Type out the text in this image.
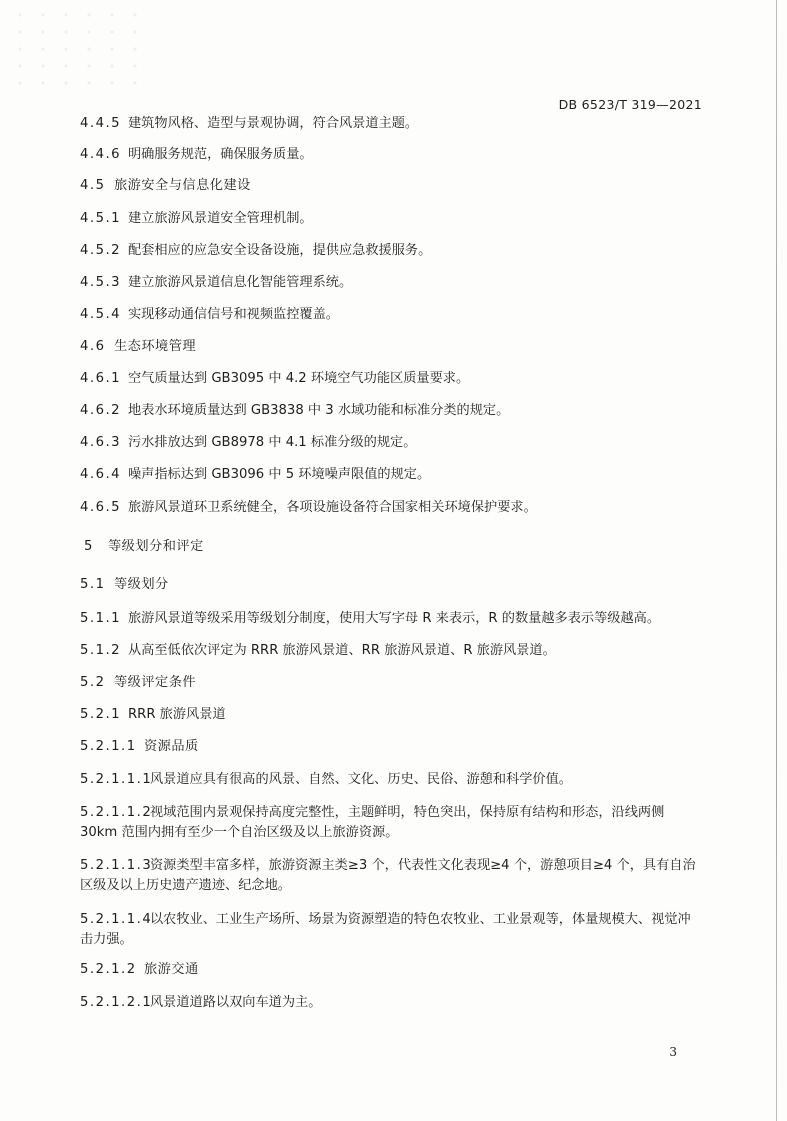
DB 6523/T 319—2021
4.4.5 建筑物风格、造型与景观协调，符合风景道主题。
4.4.6 明确服务规范，确保服务质量。
4.5 旅游安全与信息化建设
4.5.1 建立旅游风景道安全管理机制。
4.5.2 配套相应的应急安全设备设施，提供应急救援服务。
4.5.3 建立旅游风景道信息化智能管理系统。
4.5.4 实现移动通信信号和视频监控覆盖。
4.6 生态环境管理
4.6.1 空气质量达到 GB3095 中 4.2 环境空气功能区质量要求。
4.6.2 地表水环境质量达到 GB3838 中 3 水域功能和标准分类的规定。
4.6.3 污水排放达到 GB8978 中 4.1 标准分级的规定。
4.6.4 噪声指标达到 GB3096 中 5 环境噪声限值的规定。
4.6.5 旅游风景道环卫系统健全，各项设施设备符合国家相关环境保护要求。
5 等级划分和评定
5.1 等级划分
5.1.1 旅游风景道等级采用等级划分制度，使用大写字母 R 来表示，R 的数量越多表示等级越高。
5.1.2 从高至低依次评定为 RRR 旅游风景道、RR 旅游风景道、R 旅游风景道。
5.2 等级评定条件
5.2.1 RRR 旅游风景道
5.2.1.1 资源品质
5.2.1.1.1风景道应具有很高的风景、自然、文化、历史、民俗、游憩和科学价值。
5.2.1.1.2视域范围内景观保持高度完整性，主题鲜明，特色突出，保持原有结构和形态，沿线两侧 30km 范围内拥有至少一个自治区级及以上旅游资源。
5.2.1.1.3资源类型丰富多样，旅游资源主类≥3 个，代表性文化表现≥4 个，游憩项目≥4 个，具有自治区级及以上历史遗产遗迹、纪念地。
5.2.1.1.4以农牧业、工业生产场所、场景为资源塑造的特色农牧业、工业景观等，体量规模大、视觉冲击力强。
5.2.1.2 旅游交通
5.2.1.2.1风景道道路以双向车道为主。
3
